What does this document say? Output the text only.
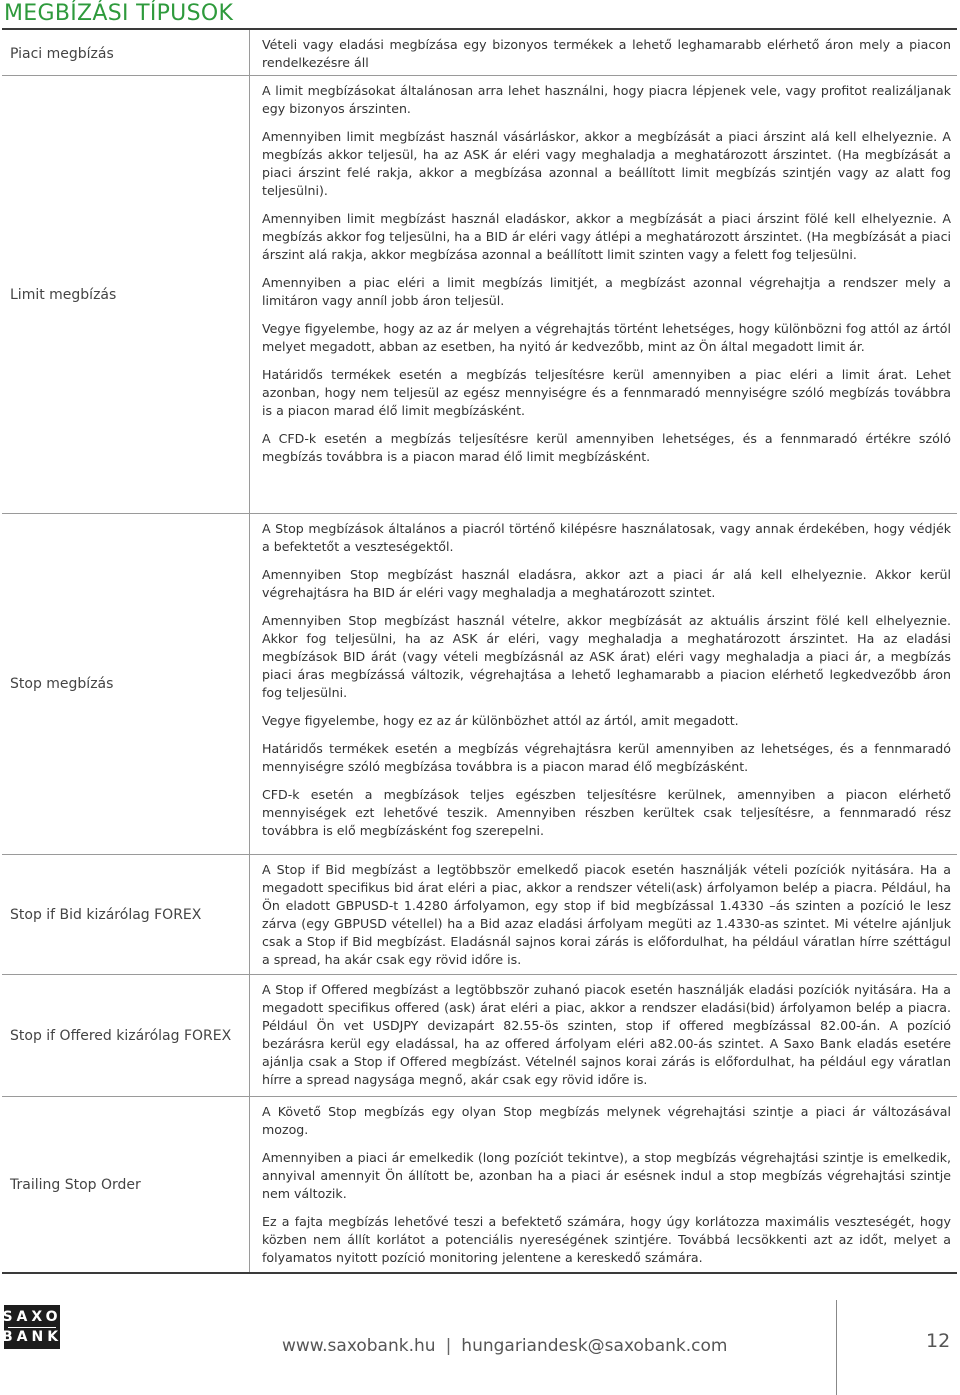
MEGBÍZÁSI TÍPUSOK
Piaci megbízás

Vételi vagy eladási megbízása egy bizonyos termékek a lehető leghamarabb elérhető áron mely a piacon rendelkezésre áll

Limit megbízás

A limit megbízásokat általánosan arra lehet használni, hogy piacra lépjenek vele, vagy profitot realizáljanak egy bizonyos árszinten.

Amennyiben limit megbízást használ vásárláskor, akkor a megbízását a piaci árszint alá kell elhelyeznie. A megbízás akkor teljesül, ha az ASK ár eléri vagy meghaladja a meghatározott árszintet. (Ha megbízását a piaci árszint felé rakja, akkor a megbízása azonnal a beállított limit megbízás szintjén vagy az alatt fog teljesülni).

Amennyiben limit megbízást használ eladáskor, akkor a megbízását a piaci árszint fölé kell elhelyeznie. A megbízás akkor fog teljesülni, ha a BID ár eléri vagy átlépi a meghatározott árszintet. (Ha megbízását a piaci árszint alá rakja, akkor megbízása azonnal a beállított limit szinten vagy a felett fog teljesülni.

Amennyiben a piac eléri a limit megbízás limitjét, a megbízást azonnal végrehajtja a rendszer mely a limitáron vagy anníl jobb áron teljesül.

Vegye figyelembe, hogy az az ár melyen a végrehajtás történt lehetséges, hogy különbözni fog attól az ártól melyet megadott, abban az esetben, ha nyitó ár kedvezőbb, mint az Ön által megadott limit ár.

Határidős termékek esetén a megbízás teljesítésre kerül amennyiben a piac eléri a limit árat. Lehet azonban, hogy nem teljesül az egész mennyiségre és a fennmaradó mennyiségre szóló megbízás továbbra is a piacon marad élő limit megbízásként.

A CFD-k esetén a megbízás teljesítésre kerül amennyiben lehetséges, és a fennmaradó értékre szóló megbízás továbbra is a piacon marad élő limit megbízásként.

Stop megbízás

A Stop megbízások általános a piacról történő kilépésre használatosak, vagy annak érdekében, hogy védjék a befektetőt a veszteségektől.

Amennyiben Stop megbízást használ eladásra, akkor azt a piaci ár alá kell elhelyeznie. Akkor kerül végrehajtásra ha BID ár eléri vagy meghaladja a meghatározott szintet.

Amennyiben Stop megbízást használ vételre, akkor megbízását az aktuális árszint fölé kell elhelyeznie. Akkor fog teljesülni, ha az ASK ár eléri, vagy meghaladja a meghatározott árszintet. Ha az eladási megbízások BID árát (vagy vételi megbízásnál az ASK árat) eléri vagy meghaladja a piaci ár, a megbízás piaci áras megbízássá változik, végrehajtása a lehető leghamarabb a piacion elérhető legkedvezőbb áron fog teljesülni.

Vegye figyelembe, hogy ez az ár különbözhet attól az ártól, amit megadott.

Határidős termékek esetén a megbízás végrehajtásra kerül amennyiben az lehetséges, és a fennmaradó mennyiségre szóló megbízása továbbra is a piacon marad élő megbízásként.

CFD-k esetén a megbízások teljes egészben teljesítésre kerülnek, amennyiben a piacon elérhető mennyiségek ezt lehetővé teszik. Amennyiben részben kerültek csak teljesítésre, a fennmaradó rész továbbra is elő megbízásként fog szerepelni.

Stop if Bid kizárólag FOREX

A Stop if Bid megbízást a legtöbbször emelkedő piacok esetén használják vételi pozíciók nyitására. Ha a megadott specifikus bid árat eléri a piac, akkor a rendszer vételi(ask) árfolyamon belép a piacra. Például, ha Ön eladott GBPUSD-t 1.4280 árfolyamon, egy stop if bid megbízással 1.4330 –ás szinten a pozíció le lesz zárva (egy GBPUSD vétellel) ha a Bid azaz eladási árfolyam megüti az 1.4330-as szintet. Mi vételre ajánljuk csak a Stop if Bid megbízást. Eladásnál sajnos korai zárás is előfordulhat, ha például váratlan hírre széttágul a spread, ha akár csak egy rövid időre is.

Stop if Offered kizárólag FOREX

A Stop if Offered megbízást a legtöbbször zuhanó piacok esetén használják eladási pozíciók nyitására. Ha a megadott specifikus offered (ask) árat eléri a piac, akkor a rendszer eladási(bid) árfolyamon belép a piacra. Például Ön vet USDJPY devizapárt 82.55-ös szinten, stop if offered megbízással 82.00-án. A pozíció bezárásra kerül egy eladással, ha az offered árfolyam eléri a82.00-ás szintet. A Saxo Bank eladás esetére ajánlja csak a Stop if Offered megbízást. Vételnél sajnos korai zárás is előfordulhat, ha például egy váratlan hírre a spread nagysága megnő, akár csak egy rövid időre is.

Trailing Stop Order

A Követő Stop megbízás egy olyan Stop megbízás melynek végrehajtási szintje a piaci ár változásával mozog.

Amennyiben a piaci ár emelkedik (long pozíciót tekintve), a stop megbízás végrehajtási szintje is emelkedik, annyival amennyit Ön állított be, azonban ha a piaci ár esésnek indul a stop megbízás végrehajtási szintje nem változik.

Ez a fajta megbízás lehetővé teszi a befektető számára, hogy úgy korlátozza maximális veszteségét, hogy közben nem állít korlátot a potenciális nyereségének szintjére. Továbbá lecsökkenti azt az időt, melyet a folyamatos nyitott pozíció monitoring jelentene a kereskedő számára.

SAXO
BANK	www.saxobank.hu | hungariandesk@saxobank.com	12
